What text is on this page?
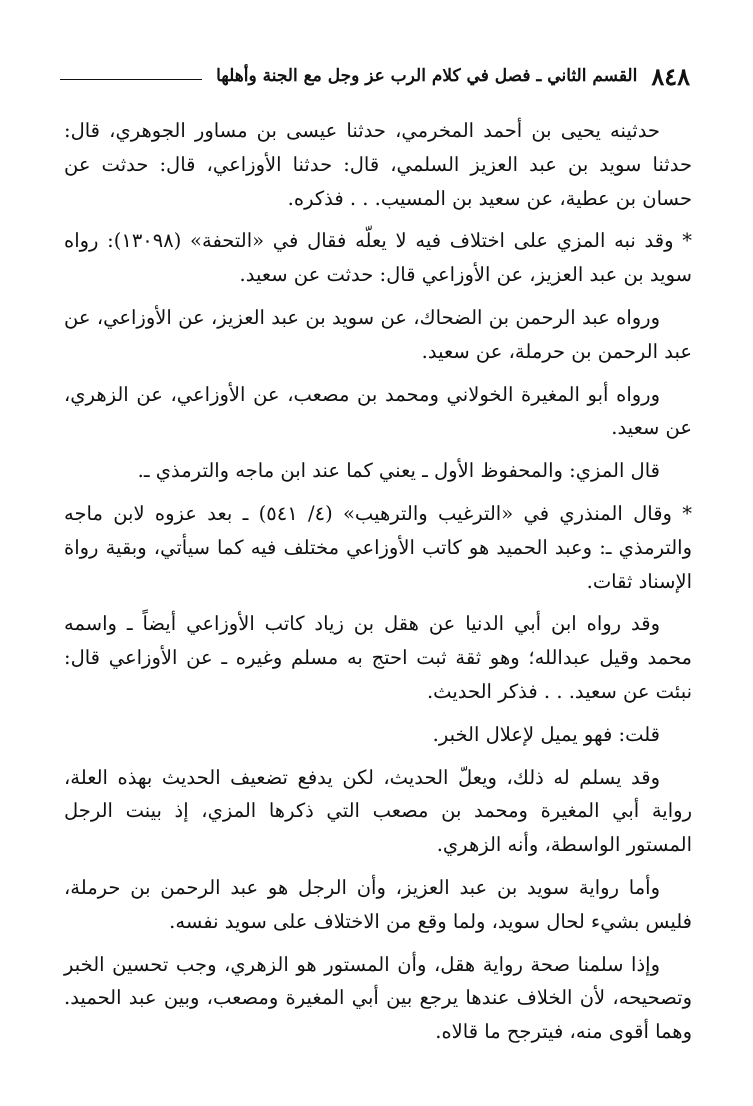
٨٤٨
القسم الثاني ـ فصل في كلام الرب عز وجل مع الجنة وأهلها

حدثينه يحيى بن أحمد المخرمي، حدثنا عيسى بن مساور الجوهري، قال: حدثنا سويد بن عبد العزيز السلمي، قال: حدثنا الأوزاعي، قال: حدثت عن حسان بن عطية، عن سعيد بن المسيب. . . فذكره.

* وقد نبه المزي على اختلاف فيه لا يعلّه فقال في «التحفة» (١٣٠٩٨): رواه سويد بن عبد العزيز، عن الأوزاعي قال: حدثت عن سعيد.

ورواه عبد الرحمن بن الضحاك، عن سويد بن عبد العزيز، عن الأوزاعي، عن عبد الرحمن بن حرملة، عن سعيد.

ورواه أبو المغيرة الخولاني ومحمد بن مصعب، عن الأوزاعي، عن الزهري، عن سعيد.

قال المزي: والمحفوظ الأول ـ يعني كما عند ابن ماجه والترمذي ـ.

* وقال المنذري في «الترغيب والترهيب» (٤/ ٥٤١) ـ بعد عزوه لابن ماجه والترمذي ـ: وعبد الحميد هو كاتب الأوزاعي مختلف فيه كما سيأتي، وبقية رواة الإسناد ثقات.

وقد رواه ابن أبي الدنيا عن هقل بن زياد كاتب الأوزاعي أيضاً ـ واسمه محمد وقيل عبدالله؛ وهو ثقة ثبت احتج به مسلم وغيره ـ عن الأوزاعي قال: نبئت عن سعيد. . . فذكر الحديث.

قلت: فهو يميل لإعلال الخبر.

وقد يسلم له ذلك، ويعلّ الحديث، لكن يدفع تضعيف الحديث بهذه العلة، رواية أبي المغيرة ومحمد بن مصعب التي ذكرها المزي، إذ بينت الرجل المستور الواسطة، وأنه الزهري.

وأما رواية سويد بن عبد العزيز، وأن الرجل هو عبد الرحمن بن حرملة، فليس بشيء لحال سويد، ولما وقع من الاختلاف على سويد نفسه.

وإذا سلمنا صحة رواية هقل، وأن المستور هو الزهري، وجب تحسين الخبر وتصحيحه، لأن الخلاف عندها يرجع بين أبي المغيرة ومصعب، وبين عبد الحميد. وهما أقوى منه، فيترجح ما قالاه.
